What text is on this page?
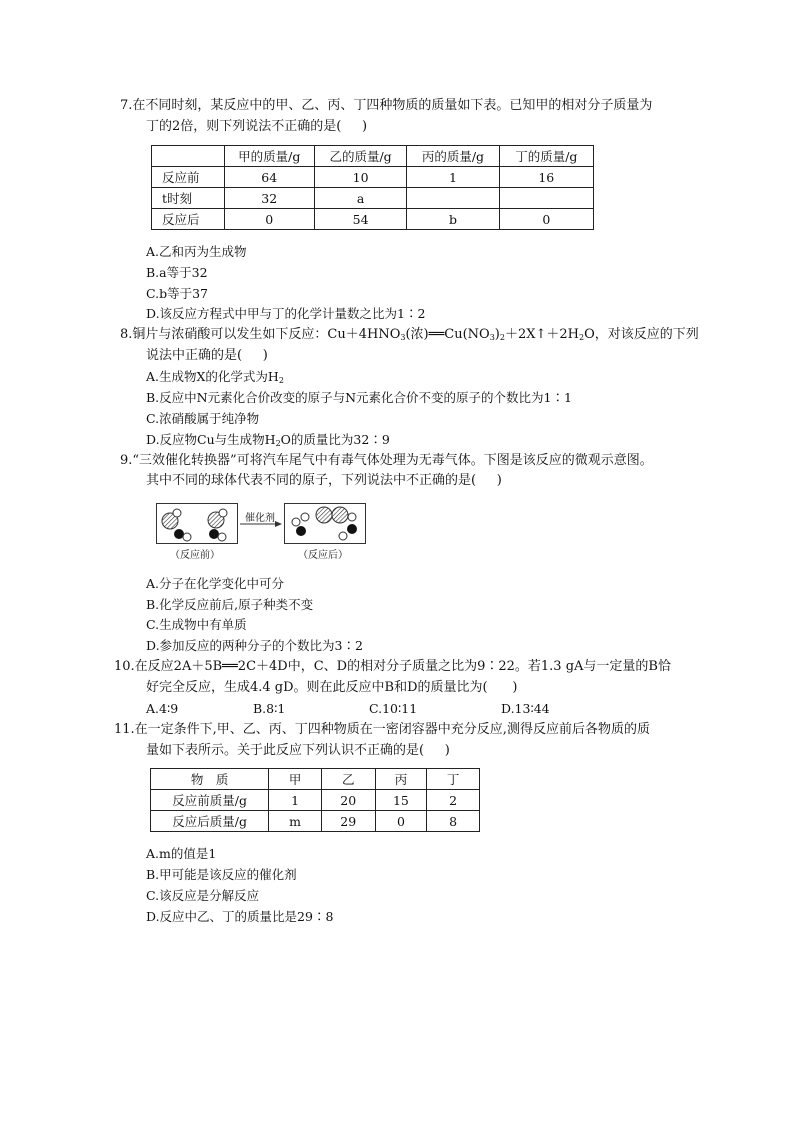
7.在不同时刻，某反应中的甲、乙、丙、丁四种物质的质量如下表。已知甲的相对分子质量为
丁的2倍，则下列说法不正确的是(     )
	甲的质量/g	乙的质量/g	丙的质量/g	丁的质量/g
反应前	64	10	1	16
t时刻	32	a		
反应后	0	54	b	0
A.乙和丙为生成物
B.a等于32
C.b等于37
D.该反应方程式中甲与丁的化学计量数之比为1∶2
8.铜片与浓硝酸可以发生如下反应：$Cu+4HNO_3$(浓)$══Cu(NO_3)_2+2X↑+2H_2O$，对该反应的下列
说法中正确的是(     )
A.生成物X的化学式为$H_2$
B.反应中N元素化合价改变的原子与N元素化合价不变的原子的个数比为1∶1
C.浓硝酸属于纯净物
D.反应物Cu与生成物$H_2O$的质量比为32∶9
9.“三效催化转换器”可将汽车尾气中有毒气体处理为无毒气体。下图是该反应的微观示意图。
其中不同的球体代表不同的原子，下列说法中不正确的是(     )
催化剂
（反应前）	（反应后）
A.分子在化学变化中可分
B.化学反应前后,原子种类不变
C.生成物中有单质
D.参加反应的两种分子的个数比为3∶2
10.在反应2A＋5B══2C＋4D中，C、D的相对分子质量之比为9∶22。若1.3 gA与一定量的B恰
好完全反应，生成4.4 gD。则在此反应中B和D的质量比为(      )
A.4∶9	B.8∶1	C.10∶11	D.13∶44
11.在一定条件下,甲、乙、丙、丁四种物质在一密闭容器中充分反应,测得反应前后各物质的质
量如下表所示。关于此反应下列认识不正确的是(     )
物　质	甲	乙	丙	丁
反应前质量/g	1	20	15	2
反应后质量/g	m	29	0	8
A.m的值是1
B.甲可能是该反应的催化剂
C.该反应是分解反应
D.反应中乙、丁的质量比是29∶8
